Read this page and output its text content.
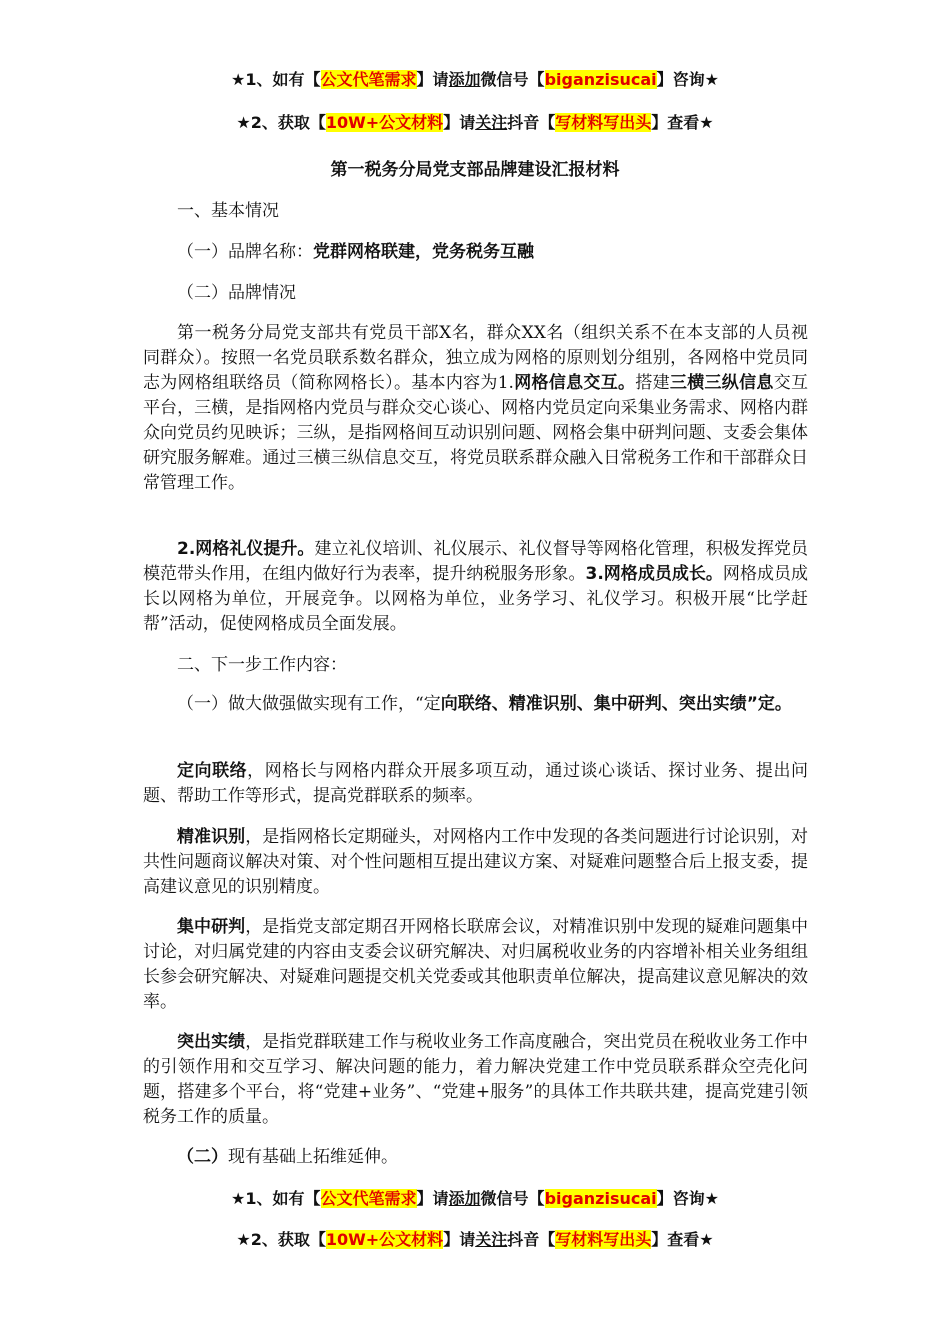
★1、如有【公文代笔需求】请添加微信号【biganzisucai】咨询★
★2、获取【10W+公文材料】请关注抖音【写材料写出头】查看★
第一税务分局党支部品牌建设汇报材料

一、基本情况

（一）品牌名称：党群网格联建，党务税务互融

（二）品牌情况

第一税务分局党支部共有党员干部X名，群众XX名（组织关系不在本支部的人员视同群众）。按照一名党员联系数名群众，独立成为网格的原则划分组别，各网格中党员同志为网格组联络员（简称网格长）。基本内容为1.网格信息交互。搭建三横三纵信息交互平台，三横，是指网格内党员与群众交心谈心、网格内党员定向采集业务需求、网格内群众向党员约见映诉；三纵，是指网格间互动识别问题、网格会集中研判问题、支委会集体研究服务解难。通过三横三纵信息交互，将党员联系群众融入日常税务工作和干部群众日常管理工作。

2.网格礼仪提升。建立礼仪培训、礼仪展示、礼仪督导等网格化管理，积极发挥党员模范带头作用，在组内做好行为表率，提升纳税服务形象。3.网格成员成长。网格成员成长以网格为单位，开展竞争。以网格为单位，业务学习、礼仪学习。积极开展“比学赶帮”活动，促使网格成员全面发展。

二、下一步工作内容：

（一）做大做强做实现有工作，“定向联络、精准识别、集中研判、突出实绩”定。

定向联络，网格长与网格内群众开展多项互动，通过谈心谈话、探讨业务、提出问题、帮助工作等形式，提高党群联系的频率。

精准识别，是指网格长定期碰头，对网格内工作中发现的各类问题进行讨论识别，对共性问题商议解决对策、对个性问题相互提出建议方案、对疑难问题整合后上报支委，提高建议意见的识别精度。

集中研判，是指党支部定期召开网格长联席会议，对精准识别中发现的疑难问题集中讨论，对归属党建的内容由支委会议研究解决、对归属税收业务的内容增补相关业务组组长参会研究解决、对疑难问题提交机关党委或其他职责单位解决，提高建议意见解决的效率。

突出实绩，是指党群联建工作与税收业务工作高度融合，突出党员在税收业务工作中的引领作用和交互学习、解决问题的能力，着力解决党建工作中党员联系群众空壳化问题，搭建多个平台，将“党建+业务”、“党建+服务”的具体工作共联共建，提高党建引领税务工作的质量。

（二）现有基础上拓维延伸。

★1、如有【公文代笔需求】请添加微信号【biganzisucai】咨询★
★2、获取【10W+公文材料】请关注抖音【写材料写出头】查看★
